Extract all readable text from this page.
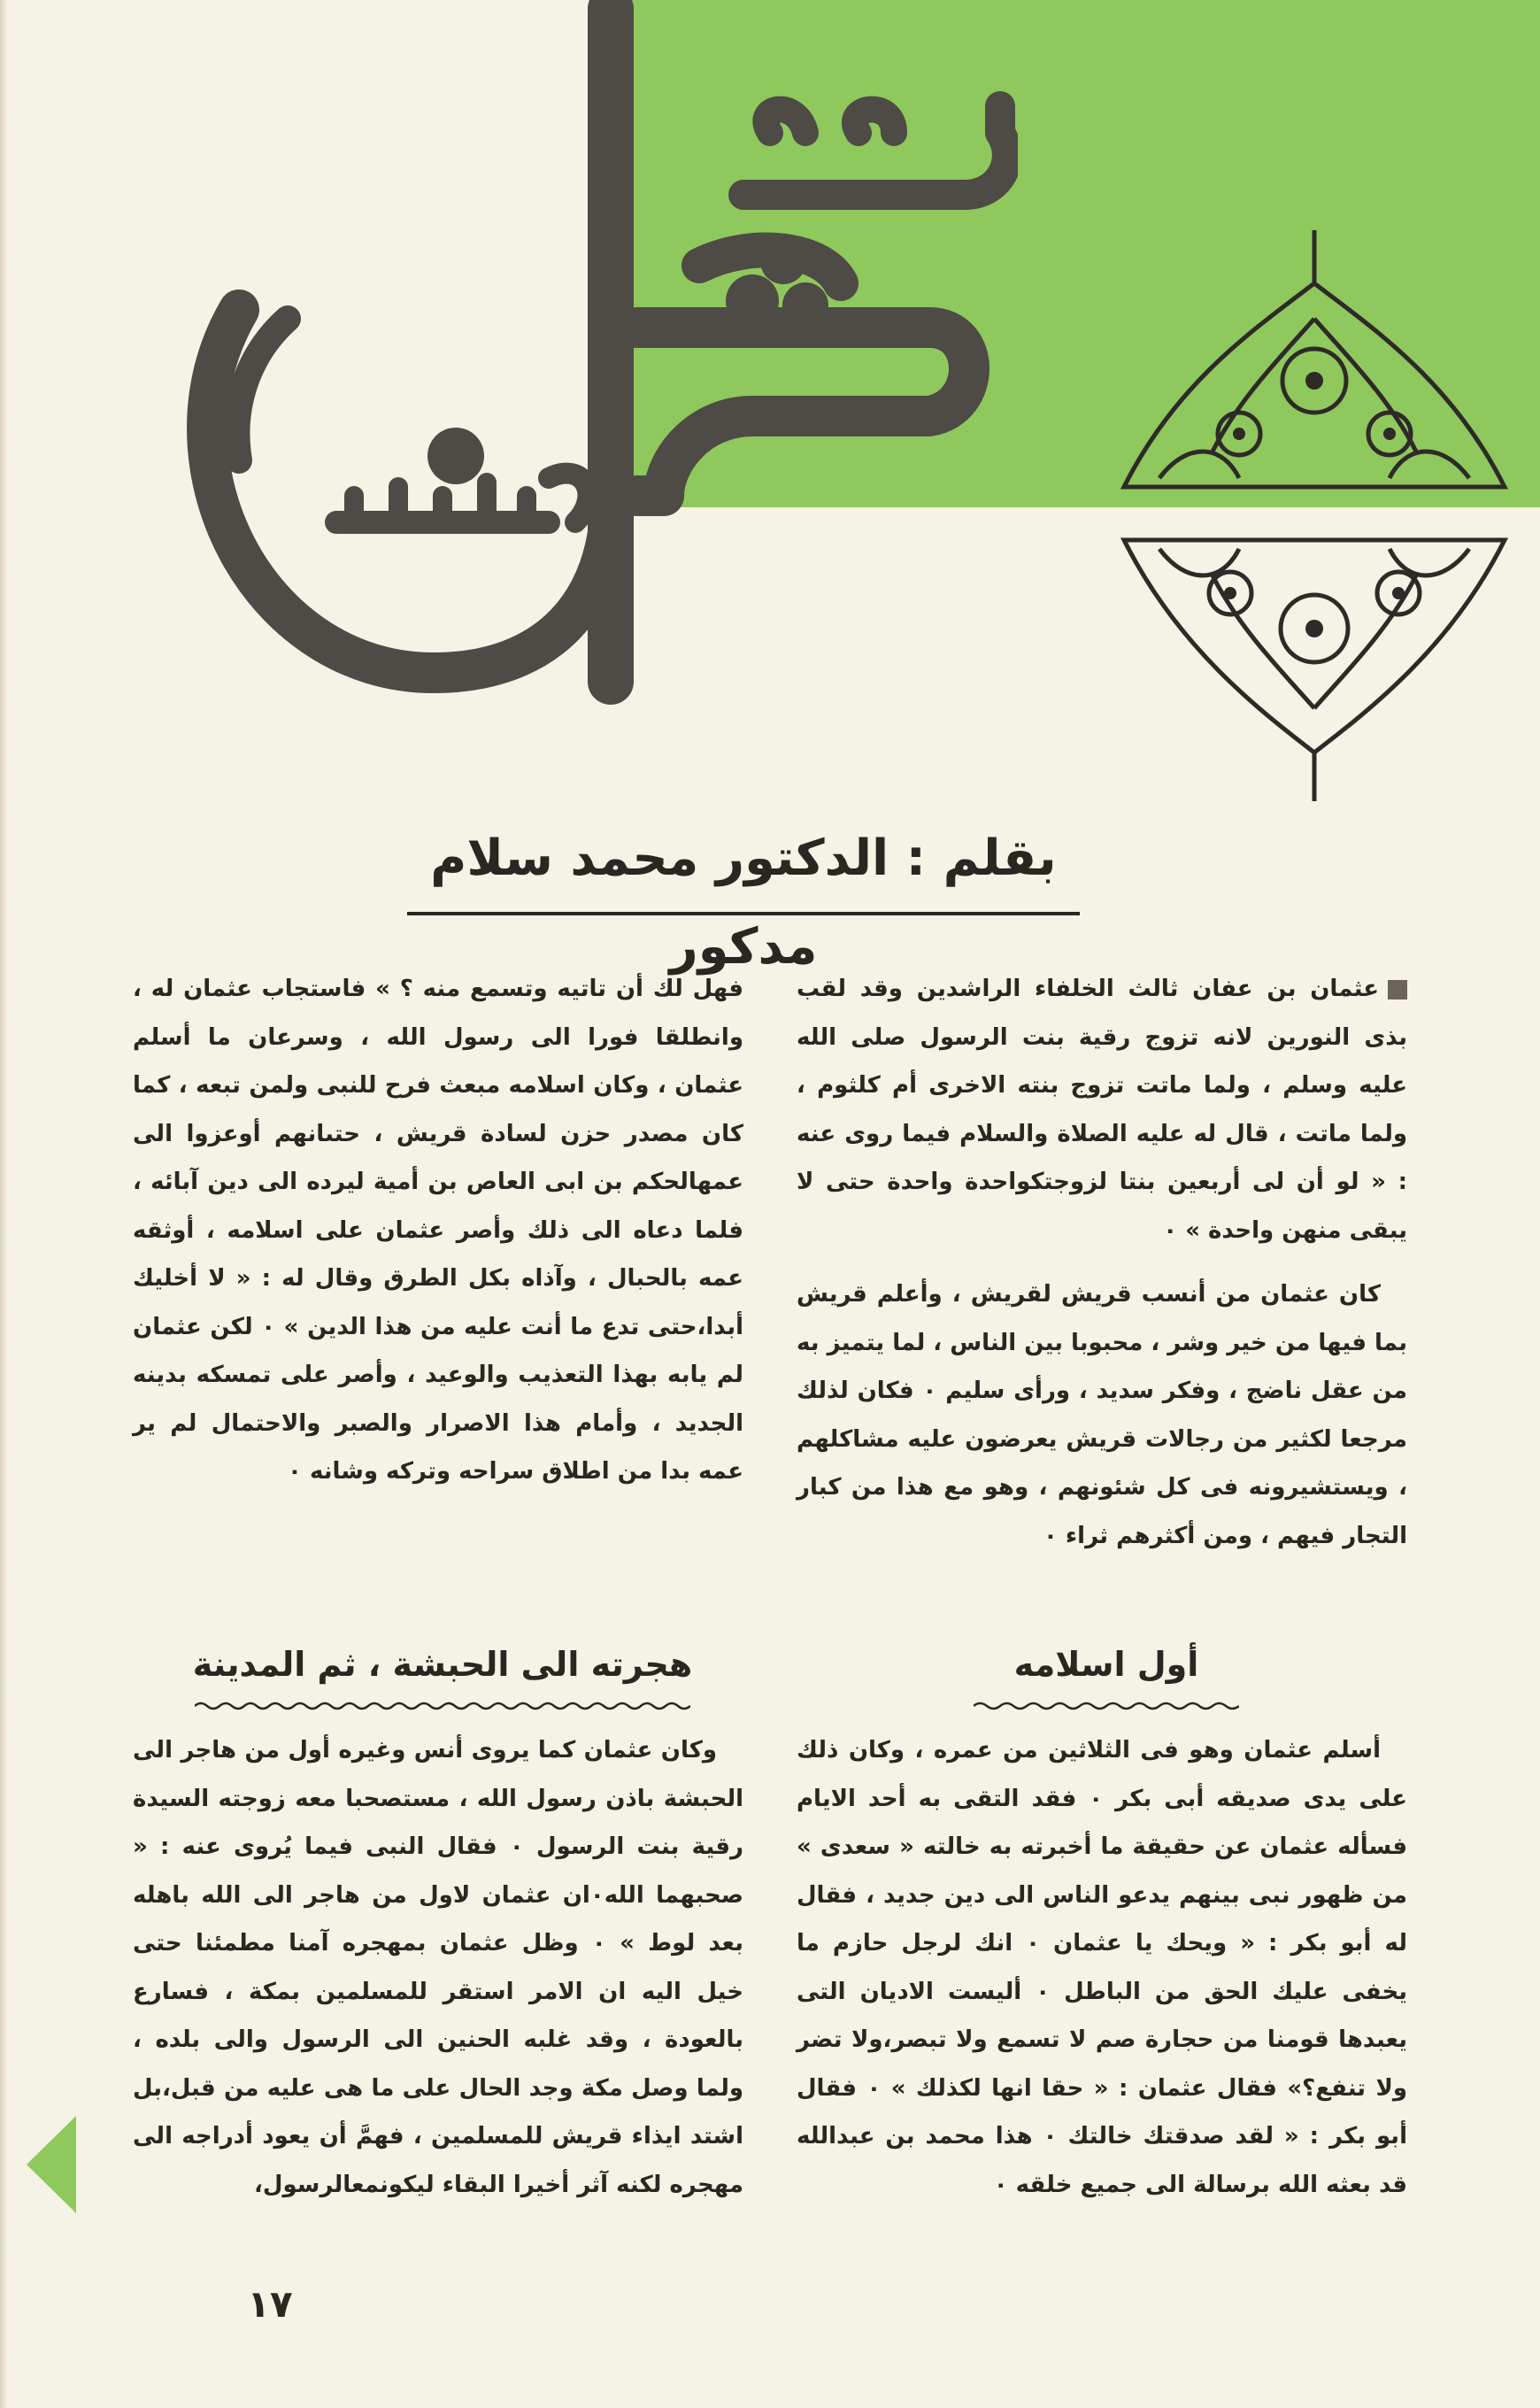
بقلم : الدكتور محمد سلام مدكور

عثمان بن عفان ثالث الخلفاء الراشدين وقد لقب بذى النورين لانه تزوج رقية بنت الرسول صلى الله عليه وسلم ، ولما ماتت تزوج بنته الاخرى أم كلثوم ، ولما ماتت ، قال له عليه الصلاة والسلام فيما روى عنه : « لو أن لى أربعين بنتا لزوجتكواحدة واحدة حتى لا يبقى منهن واحدة » ٠

كان عثمان من أنسب قريش لقريش ، وأعلم قريش بما فيها من خير وشر ، محبوبا بين الناس ، لما يتميز به من عقل ناضج ، وفكر سديد ، ورأى سليم ٠ فكان لذلك مرجعا لكثير من رجالات قريش يعرضون عليه مشاكلهم ، ويستشيرونه فى كل شئونهم ، وهو مع هذا من كبار التجار فيهم ، ومن أكثرهم ثراء ٠

فهل لك أن تاتيه وتسمع منه ؟ » فاستجاب عثمان له ، وانطلقا فورا الى رسول الله ، وسرعان ما أسلم عثمان ، وكان اسلامه مبعث فرح للنبى ولمن تبعه ، كما كان مصدر حزن لسادة قريش ، حتىانهم أوعزوا الى عمهالحكم بن ابى العاص بن أمية ليرده الى دين آبائه ، فلما دعاه الى ذلك وأصر عثمان على اسلامه ، أوثقه عمه بالحبال ، وآذاه بكل الطرق وقال له : « لا أخليك أبدا،حتى تدع ما أنت عليه من هذا الدين » ٠ لكن عثمان لم يابه بهذا التعذيب والوعيد ، وأصر على تمسكه بدينه الجديد ، وأمام هذا الاصرار والصبر والاحتمال لم ير عمه بدا من اطلاق سراحه وتركه وشانه ٠

أول اسلامه
هجرته الى الحبشة ، ثم المدينة

أسلم عثمان وهو فى الثلاثين من عمره ، وكان ذلك على يدى صديقه أبى بكر ٠ فقد التقى به أحد الايام فسأله عثمان عن حقيقة ما أخبرته به خالته « سعدى » من ظهور نبى بينهم يدعو الناس الى دين جديد ، فقال له أبو بكر : « ويحك يا عثمان ٠ انك لرجل حازم ما يخفى عليك الحق من الباطل ٠ أليست الاديان التى يعبدها قومنا من حجارة صم لا تسمع ولا تبصر،ولا تضر ولا تنفع؟» فقال عثمان : « حقا انها لكذلك » ٠ فقال أبو بكر : « لقد صدقتك خالتك ٠ هذا محمد بن عبدالله قد بعثه الله برسالة الى جميع خلقه ٠

وكان عثمان كما يروى أنس وغيره أول من هاجر الى الحبشة باذن رسول الله ، مستصحبا معه زوجته السيدة رقية بنت الرسول ٠ فقال النبى فيما يُروى عنه : « صحبهما الله٠ان عثمان لاول من هاجر الى الله باهله بعد لوط » ٠ وظل عثمان بمهجره آمنا مطمئنا حتى خيل اليه ان الامر استقر للمسلمين بمكة ، فسارع بالعودة ، وقد غلبه الحنين الى الرسول والى بلده ، ولما وصل مكة وجد الحال على ما هى عليه من قبل،بل اشتد ايذاء قريش للمسلمين ، فهمَّ أن يعود أدراجه الى مهجره لكنه آثر أخيرا البقاء ليكونمعالرسول،

١٧
